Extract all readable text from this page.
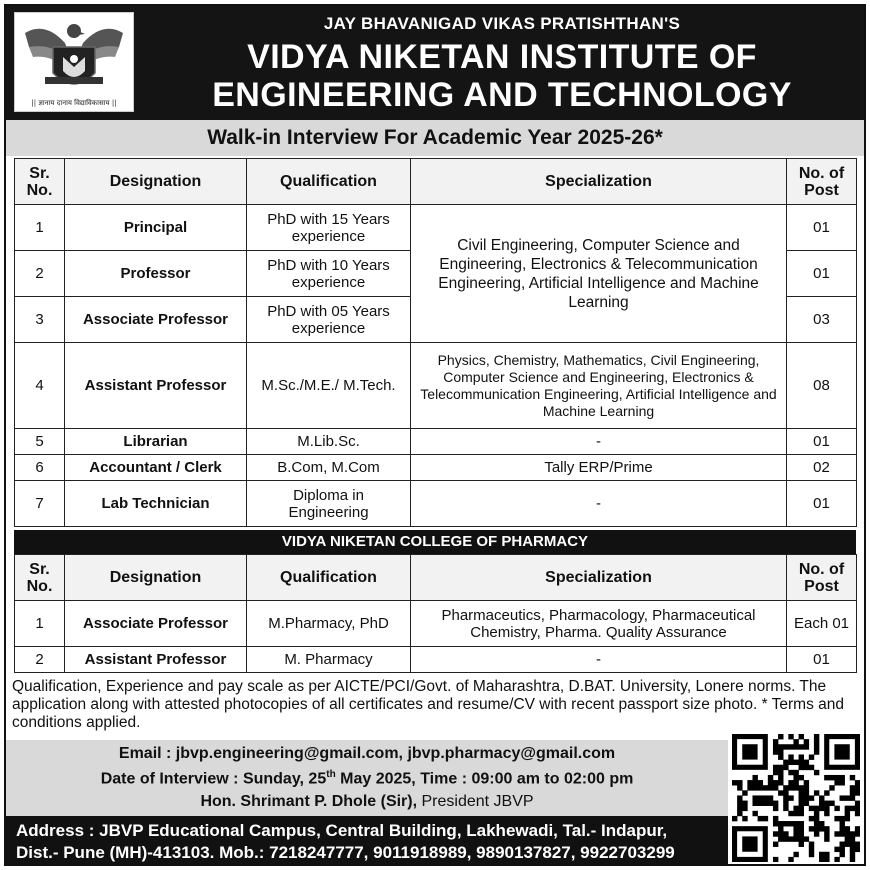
|| ज्ञानाय दानाय विद्याविकासाय ||
JAY BHAVANIGAD VIKAS PRATISHTHAN'S
VIDYA NIKETAN INSTITUTE OF
ENGINEERING AND TECHNOLOGY
Walk-in Interview For Academic Year 2025-26*
Sr. No.	Designation	Qualification	Specialization	No. of Post
1	Principal	PhD with 15 Years experience	Civil Engineering, Computer Science and Engineering, Electronics & Telecommunication Engineering, Artificial Intelligence and Machine Learning	01
2	Professor	PhD with 10 Years experience		01
3	Associate Professor	PhD with 05 Years experience		03
4	Assistant Professor	M.Sc./M.E./ M.Tech.	Physics, Chemistry, Mathematics, Civil Engineering, Computer Science and Engineering, Electronics & Telecommunication Engineering, Artificial Intelligence and Machine Learning	08
5	Librarian	M.Lib.Sc.	-	01
6	Accountant / Clerk	B.Com, M.Com	Tally ERP/Prime	02
7	Lab Technician	Diploma in Engineering	-	01
VIDYA NIKETAN COLLEGE OF PHARMACY
Sr. No.	Designation	Qualification	Specialization	No. of Post
1	Associate Professor	M.Pharmacy, PhD	Pharmaceutics, Pharmacology, Pharmaceutical Chemistry, Pharma. Quality Assurance	Each 01
2	Assistant Professor	M. Pharmacy	-	01
Qualification, Experience and pay scale as per AICTE/PCI/Govt. of Maharashtra, D.BAT. University, Lonere norms. The application along with attested photocopies of all certificates and resume/CV with recent passport size photo. * Terms and conditions applied.
Email : jbvp.engineering@gmail.com, jbvp.pharmacy@gmail.com
Date of Interview : Sunday, 25th May 2025, Time : 09:00 am to 02:00 pm
Hon. Shrimant P. Dhole (Sir), President JBVP
Address : JBVP Educational Campus, Central Building, Lakhewadi, Tal.- Indapur,
Dist.- Pune (MH)-413103. Mob.: 7218247777, 9011918989, 9890137827, 9922703299
